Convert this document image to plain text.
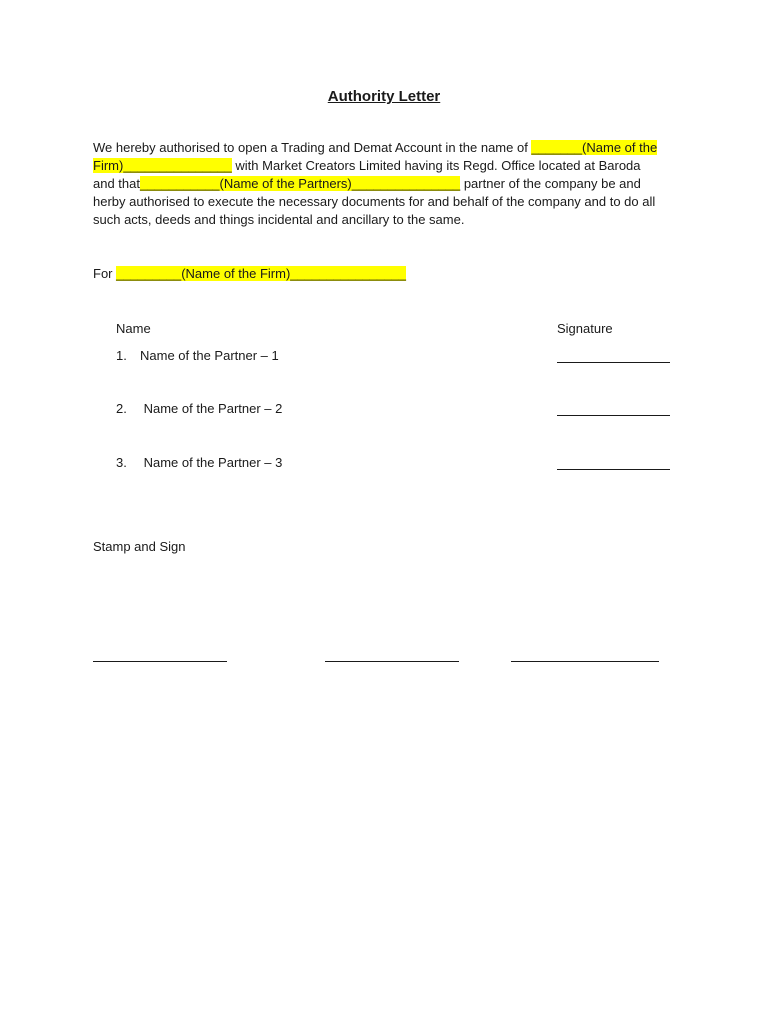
Authority Letter
We hereby authorised to open a Trading and Demat Account in the name of _______(Name of the Firm)_______________ with Market Creators Limited having its Regd. Office located at Baroda and that___________(Name of the Partners)_______________ partner of the company be and herby authorised to execute the necessary documents for and behalf of the company and to do all such acts, deeds and things incidental and ancillary to the same.
For _________(Name of the Firm)________________
Name	Signature
1. Name of the Partner – 1
2. Name of the Partner – 2
3. Name of the Partner – 3
Stamp and Sign
